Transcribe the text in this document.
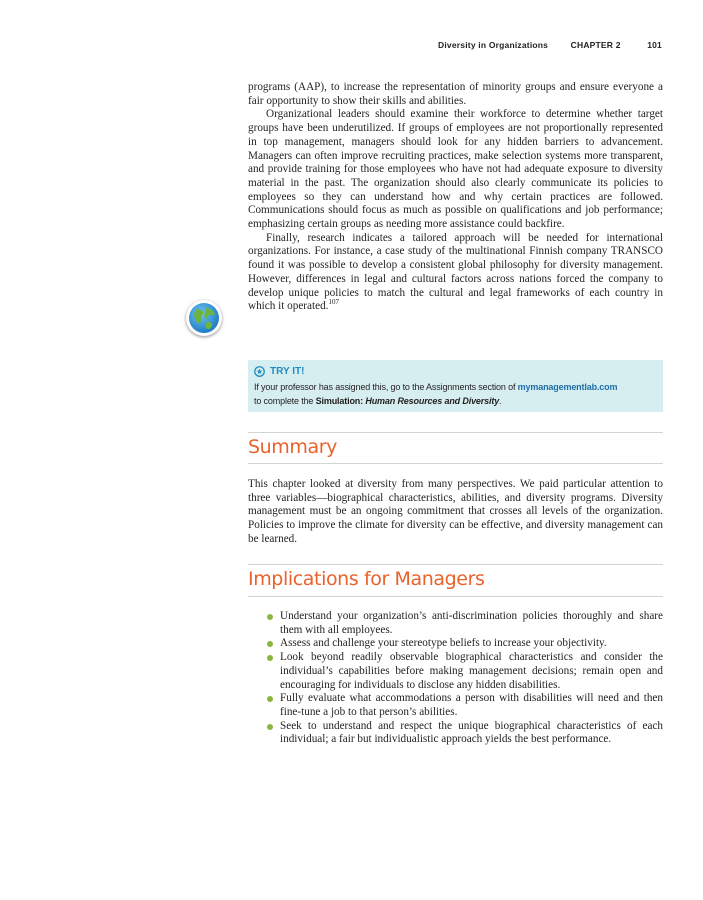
Diversity in Organizations	CHAPTER 2	101

programs (AAP), to increase the representation of minority groups and ensure everyone a fair opportunity to show their skills and abilities.

Organizational leaders should examine their workforce to determine whether target groups have been underutilized. If groups of employees are not proportionally represented in top management, managers should look for any hidden barriers to advancement. Managers can often improve recruiting practices, make selection systems more transparent, and provide training for those employees who have not had adequate exposure to diversity material in the past. The organization should also clearly communicate its policies to employees so they can understand how and why certain practices are followed. Communications should focus as much as possible on qualifications and job performance; emphasizing certain groups as needing more assistance could backfire.

Finally, research indicates a tailored approach will be needed for international organizations. For instance, a case study of the multinational Finnish company TRANSCO found it was possible to develop a consistent global philosophy for diversity management. However, differences in legal and cultural factors across nations forced the company to develop unique policies to match the cultural and legal frameworks of each country in which it operated.$^{107}$

TRY IT!
If your professor has assigned this, go to the Assignments section of mymanagementlab.com
to complete the Simulation: Human Resources and Diversity.
Summary

This chapter looked at diversity from many perspectives. We paid particular attention to three variables—biographical characteristics, abilities, and diversity programs. Diversity management must be an ongoing commitment that crosses all levels of the organization. Policies to improve the climate for diversity can be effective, and diversity management can be learned.

Implications for Managers
Understand your organization’s anti-discrimination policies thoroughly and share them with all employees.
Assess and challenge your stereotype beliefs to increase your objectivity.
Look beyond readily observable biographical characteristics and consider the individual’s capabilities before making management decisions; remain open and encouraging for individuals to disclose any hidden disabilities.
Fully evaluate what accommodations a person with disabilities will need and then fine-tune a job to that person’s abilities.
Seek to understand and respect the unique biographical characteristics of each individual; a fair but individualistic approach yields the best performance.
